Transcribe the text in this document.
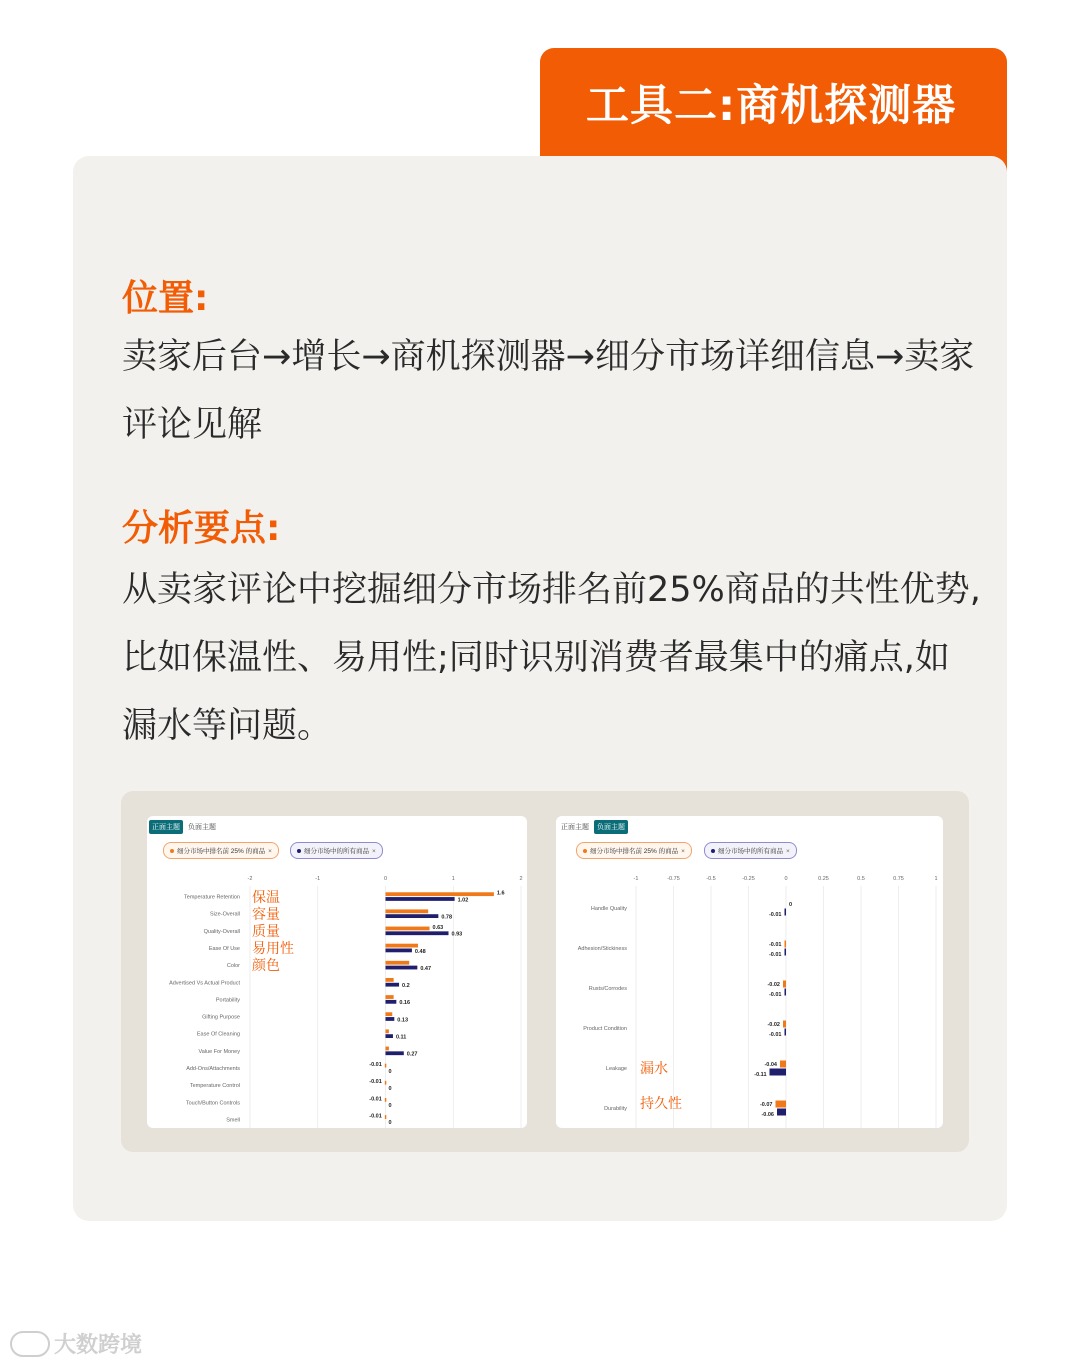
工具二:商机探测器
位置:
卖家后台→增长→商机探测器→细分市场详细信息→卖家评论见解
分析要点:
从卖家评论中挖掘细分市场排名前25%商品的共性优势,比如保温性、易用性;同时识别消费者最集中的痛点,如漏水等问题。
正面主题	负面主题
细分市场中排名前 25% 的商品 ×	细分市场中的所有商品 ×
-2	-1	0	1	2
Temperature Retention
1.6
1.02
Size-Overall	0.78
Quality-Overall
0.63
0.93
Ease Of Use	0.48
Color	0.47
Advertised Vs Actual Product	0.2
Portability	0.16
Gifting Purpose	0.13
Ease Of Cleaning	0.11
Value For Money	0.27
Add-Ons/Attachments
-0.01
0
Temperature Control
-0.01
0
Touch/Button Controls
-0.01
0
Smell
-0.01
0
保温
容量
质量
易用性
颜色
正面主题	负面主题
细分市场中排名前 25% 的商品 ×	细分市场中的所有商品 ×
-1	-0.75	-0.5	-0.25	0	0.25	0.5	0.75	1
Handle Quality
0
-0.01
Adhesion/Stickiness
-0.01
-0.01
Rusts/Corrodes
-0.02
-0.01
Product Condition
-0.02
-0.01
Leakage
-0.04
-0.11
Durability
-0.07
-0.06
漏水
持久性
大数跨境
